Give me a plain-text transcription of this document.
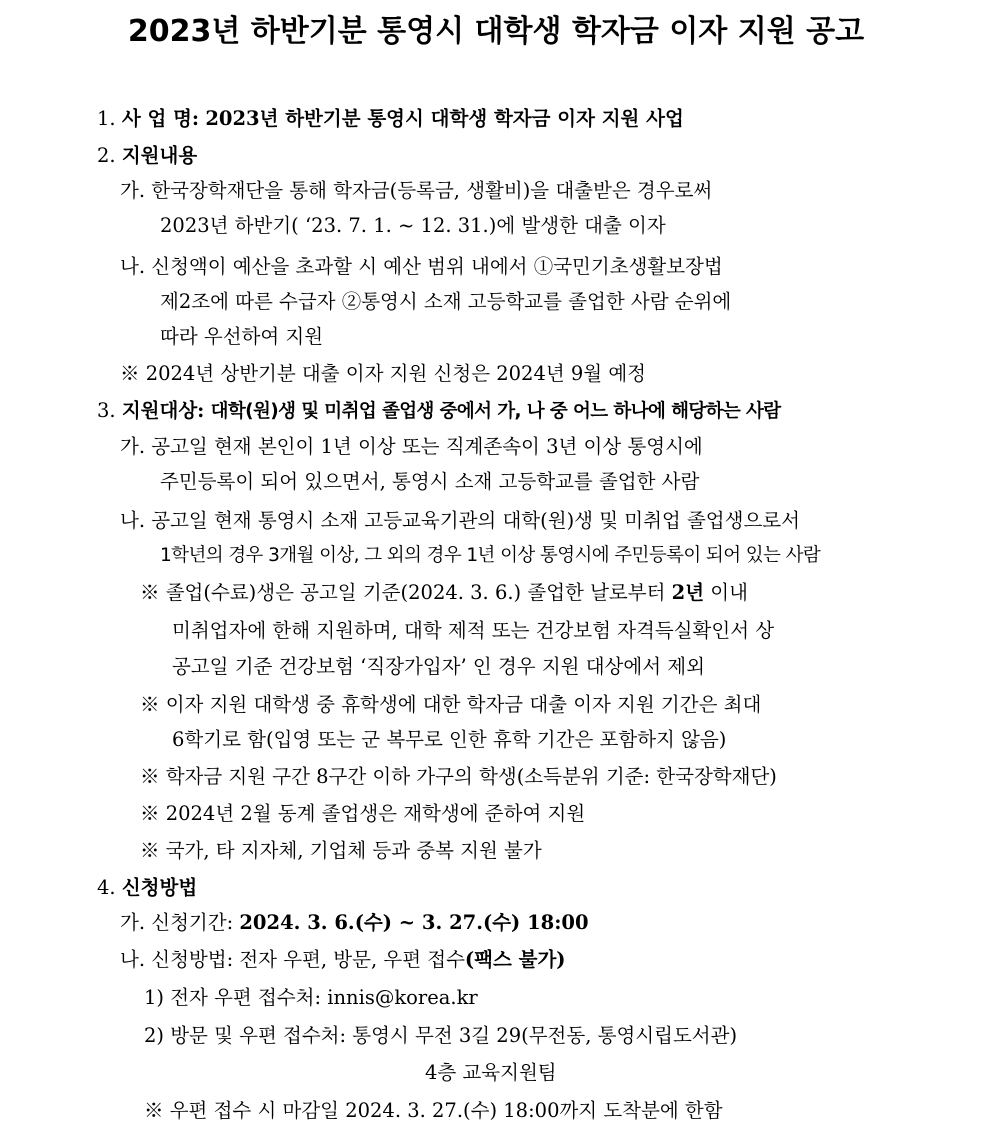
2023년 하반기분 통영시 대학생 학자금 이자 지원 공고
1. 사 업 명: 2023년 하반기분 통영시 대학생 학자금 이자 지원 사업
2. 지원내용
가. 한국장학재단을 통해 학자금(등록금, 생활비)을 대출받은 경우로써
2023년 하반기( ‘23. 7. 1. ~ 12. 31.)에 발생한 대출 이자
나. 신청액이 예산을 초과할 시 예산 범위 내에서 ①국민기초생활보장법
제2조에 따른 수급자 ②통영시 소재 고등학교를 졸업한 사람 순위에
따라 우선하여 지원
※ 2024년 상반기분 대출 이자 지원 신청은 2024년 9월 예정
3. 지원대상: 대학(원)생 및 미취업 졸업생 중에서 가, 나 중 어느 하나에 해당하는 사람
가. 공고일 현재 본인이 1년 이상 또는 직계존속이 3년 이상 통영시에
주민등록이 되어 있으면서, 통영시 소재 고등학교를 졸업한 사람
나. 공고일 현재 통영시 소재 고등교육기관의 대학(원)생 및 미취업 졸업생으로서
1학년의 경우 3개월 이상, 그 외의 경우 1년 이상 통영시에 주민등록이 되어 있는 사람
※ 졸업(수료)생은 공고일 기준(2024. 3. 6.) 졸업한 날로부터 2년 이내
미취업자에 한해 지원하며, 대학 제적 또는 건강보험 자격득실확인서 상
공고일 기준 건강보험 ‘직장가입자’ 인 경우 지원 대상에서 제외
※ 이자 지원 대학생 중 휴학생에 대한 학자금 대출 이자 지원 기간은 최대
6학기로 함(입영 또는 군 복무로 인한 휴학 기간은 포함하지 않음)
※ 학자금 지원 구간 8구간 이하 가구의 학생(소득분위 기준: 한국장학재단)
※ 2024년 2월 동계 졸업생은 재학생에 준하여 지원
※ 국가, 타 지자체, 기업체 등과 중복 지원 불가
4. 신청방법
가. 신청기간: 2024. 3. 6.(수) ~ 3. 27.(수) 18:00
나. 신청방법: 전자 우편, 방문, 우편 접수(팩스 불가)
1) 전자 우편 접수처: innis@korea.kr
2) 방문 및 우편 접수처: 통영시 무전 3길 29(무전동, 통영시립도서관)
4층 교육지원팀
※ 우편 접수 시 마감일 2024. 3. 27.(수) 18:00까지 도착분에 한함
